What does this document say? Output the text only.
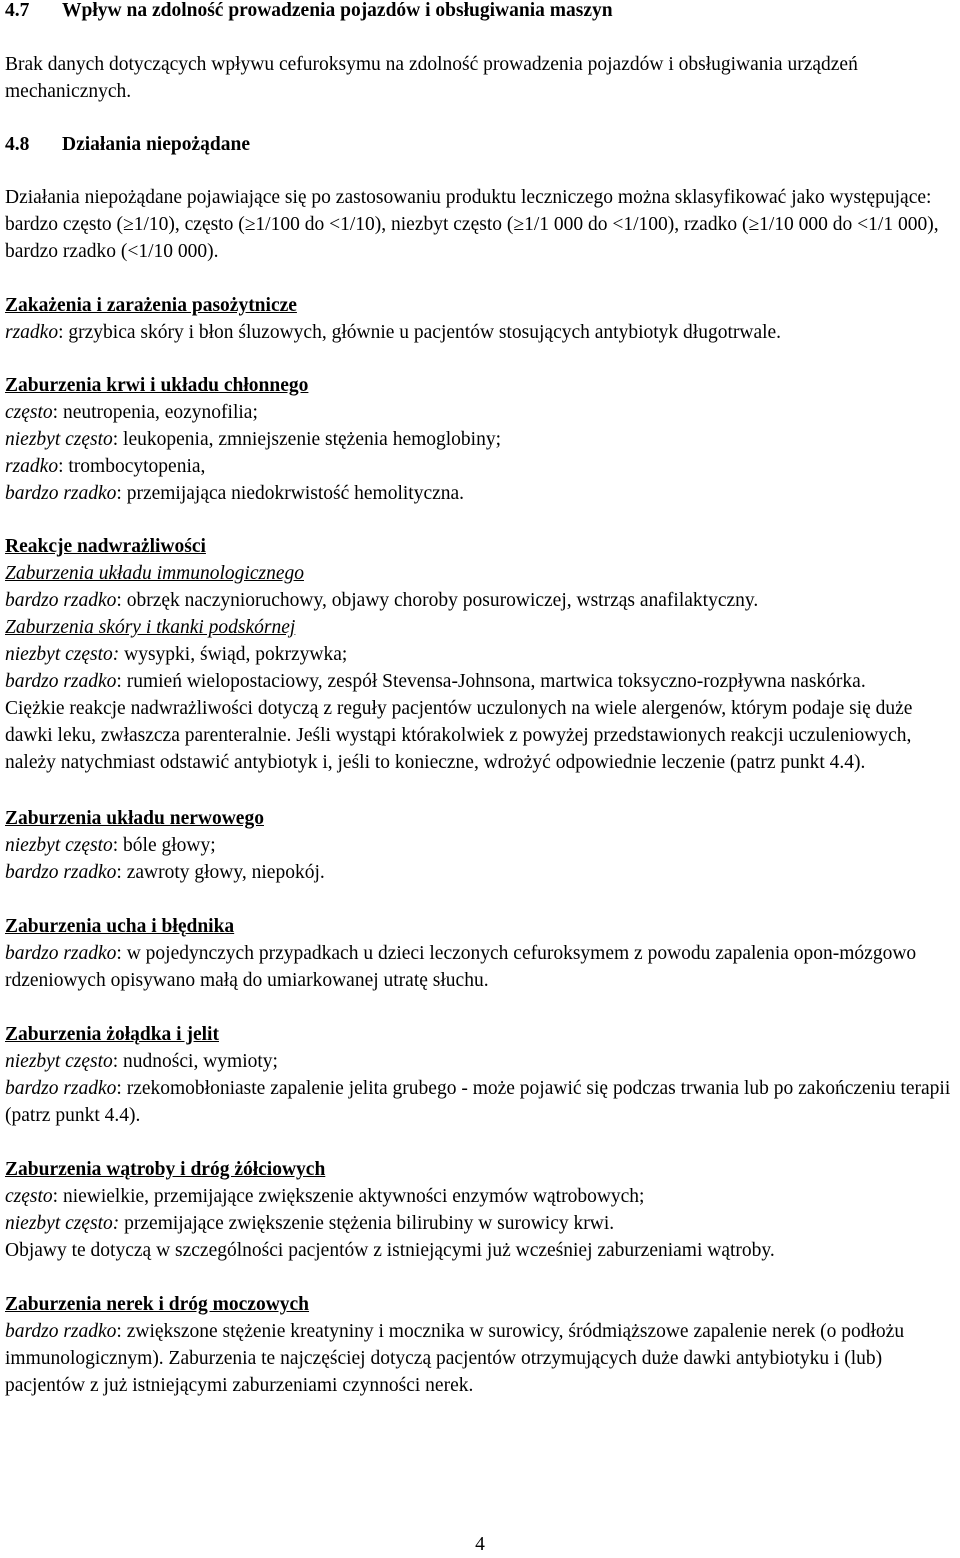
4.7	Wpływ na zdolność prowadzenia pojazdów i obsługiwania maszyn

Brak danych dotyczących wpływu cefuroksymu na zdolność prowadzenia pojazdów i obsługiwania urządzeń mechanicznych.

4.8	Działania niepożądane

Działania niepożądane pojawiające się po zastosowaniu produktu leczniczego można sklasyfikować jako występujące:

bardzo często (≥1/10), często (≥1/100 do <1/10), niezbyt często (≥1/1 000 do <1/100), rzadko (≥1/10 000 do <1/1 000), bardzo rzadko (<1/10 000).

Zakażenia i zarażenia pasożytnicze

rzadko: grzybica skóry i błon śluzowych, głównie u pacjentów stosujących antybiotyk długotrwale.

Zaburzenia krwi i układu chłonnego

często: neutropenia, eozynofilia;

niezbyt często: leukopenia, zmniejszenie stężenia hemoglobiny;

rzadko: trombocytopenia,

bardzo rzadko: przemijająca niedokrwistość hemolityczna.

Reakcje nadwrażliwości

Zaburzenia układu immunologicznego

bardzo rzadko: obrzęk naczynioruchowy, objawy choroby posurowiczej, wstrząs anafilaktyczny.

Zaburzenia skóry i tkanki podskórnej

niezbyt często: wysypki, świąd, pokrzywka;

bardzo rzadko: rumień wielopostaciowy, zespół Stevensa-Johnsona, martwica toksyczno-rozpływna naskórka.

Ciężkie reakcje nadwrażliwości dotyczą z reguły pacjentów uczulonych na wiele alergenów, którym podaje się duże dawki leku, zwłaszcza parenteralnie. Jeśli wystąpi którakolwiek z powyżej przedstawionych reakcji uczuleniowych, należy natychmiast odstawić antybiotyk i, jeśli to konieczne, wdrożyć odpowiednie leczenie (patrz punkt 4.4).

Zaburzenia układu nerwowego

niezbyt często: bóle głowy;

bardzo rzadko: zawroty głowy, niepokój.

Zaburzenia ucha i błędnika

bardzo rzadko: w pojedynczych przypadkach u dzieci leczonych cefuroksymem z powodu zapalenia opon-mózgowo rdzeniowych opisywano małą do umiarkowanej utratę słuchu.

Zaburzenia żołądka i jelit

niezbyt często: nudności, wymioty;

bardzo rzadko: rzekomobłoniaste zapalenie jelita grubego - może pojawić się podczas trwania lub po zakończeniu terapii (patrz punkt 4.4).

Zaburzenia wątroby i dróg żółciowych

często: niewielkie, przemijające zwiększenie aktywności enzymów wątrobowych;

niezbyt często: przemijające zwiększenie stężenia bilirubiny w surowicy krwi.

Objawy te dotyczą w szczególności pacjentów z istniejącymi już wcześniej zaburzeniami wątroby.

Zaburzenia nerek i dróg moczowych

bardzo rzadko: zwiększone stężenie kreatyniny i mocznika w surowicy, śródmiąższowe zapalenie nerek (o podłożu immunologicznym). Zaburzenia te najczęściej dotyczą pacjentów otrzymujących duże dawki antybiotyku i (lub) pacjentów z już istniejącymi zaburzeniami czynności nerek.

4
